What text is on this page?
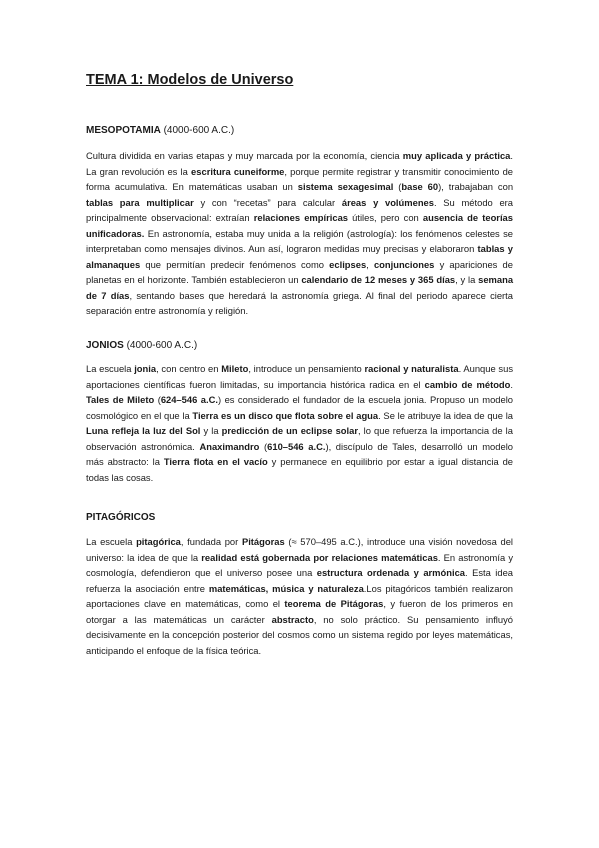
TEMA 1: Modelos de Universo
MESOPOTAMIA (4000-600 A.C.)
Cultura dividida en varias etapas y muy marcada por la economía, ciencia muy aplicada y práctica. La gran revolución es la escritura cuneiforme, porque permite registrar y transmitir conocimiento de forma acumulativa. En matemáticas usaban un sistema sexagesimal (base 60), trabajaban con tablas para multiplicar y con “recetas” para calcular áreas y volúmenes. Su método era principalmente observacional: extraían relaciones empíricas útiles, pero con ausencia de teorías unificadoras. En astronomía, estaba muy unida a la religión (astrología): los fenómenos celestes se interpretaban como mensajes divinos. Aun así, lograron medidas muy precisas y elaboraron tablas y almanaques que permitían predecir fenómenos como eclipses, conjunciones y apariciones de planetas en el horizonte. También establecieron un calendario de 12 meses y 365 días, y la semana de 7 días, sentando bases que heredará la astronomía griega. Al final del periodo aparece cierta separación entre astronomía y religión.
JONIOS (4000-600 A.C.)
La escuela jonia, con centro en Mileto, introduce un pensamiento racional y naturalista. Aunque sus aportaciones científicas fueron limitadas, su importancia histórica radica en el cambio de método. Tales de Mileto (624–546 a.C.) es considerado el fundador de la escuela jonia. Propuso un modelo cosmológico en el que la Tierra es un disco que flota sobre el agua. Se le atribuye la idea de que la Luna refleja la luz del Sol y la predicción de un eclipse solar, lo que refuerza la importancia de la observación astronómica. Anaximandro (610–546 a.C.), discípulo de Tales, desarrolló un modelo más abstracto: la Tierra flota en el vacío y permanece en equilibrio por estar a igual distancia de todas las cosas.
PITAGÓRICOS
La escuela pitagórica, fundada por Pitágoras (≈ 570–495 a.C.), introduce una visión novedosa del universo: la idea de que la realidad está gobernada por relaciones matemáticas. En astronomía y cosmología, defendieron que el universo posee una estructura ordenada y armónica. Esta idea refuerza la asociación entre matemáticas, música y naturaleza.Los pitagóricos también realizaron aportaciones clave en matemáticas, como el teorema de Pitágoras, y fueron de los primeros en otorgar a las matemáticas un carácter abstracto, no solo práctico. Su pensamiento influyó decisivamente en la concepción posterior del cosmos como un sistema regido por leyes matemáticas, anticipando el enfoque de la física teórica.
